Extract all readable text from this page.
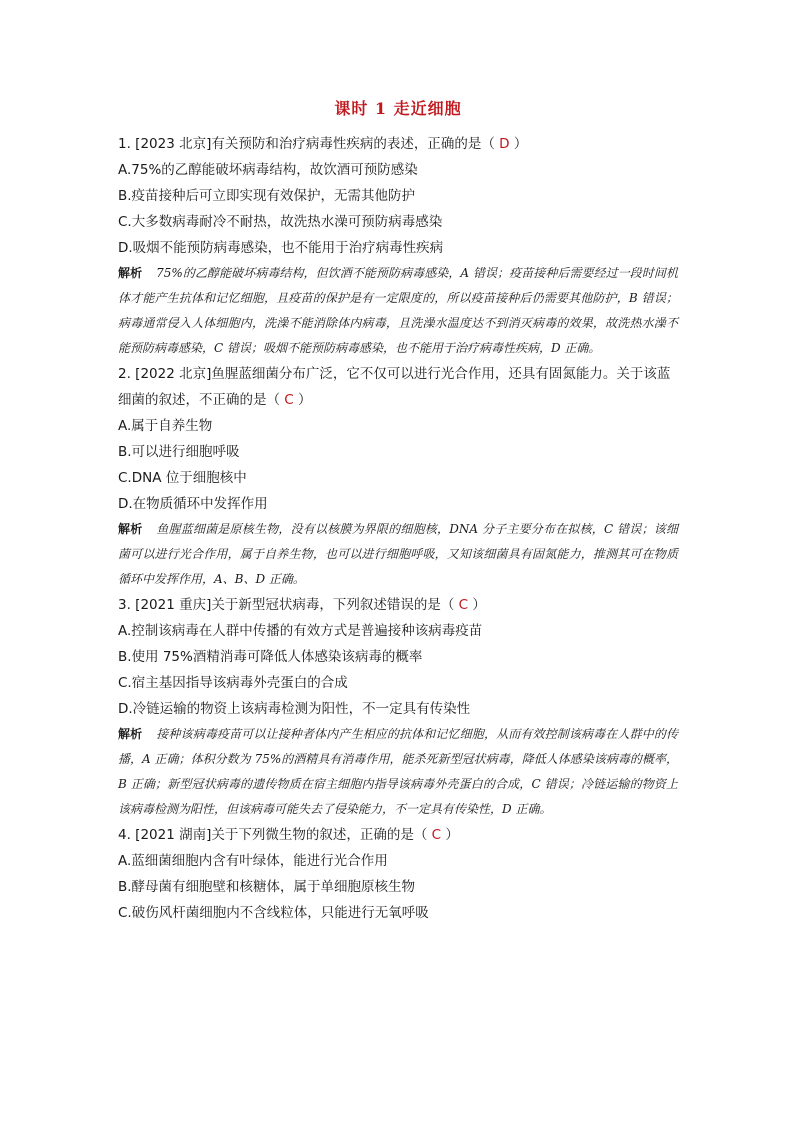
课时 1 走近细胞
1. [2023 北京]有关预防和治疗病毒性疾病的表述，正确的是（ D ）
A.75%的乙醇能破坏病毒结构，故饮酒可预防感染
B.疫苗接种后可立即实现有效保护，无需其他防护
C.大多数病毒耐冷不耐热，故洗热水澡可预防病毒感染
D.吸烟不能预防病毒感染，也不能用于治疗病毒性疾病
解析 75%的乙醇能破坏病毒结构，但饮酒不能预防病毒感染，A 错误；疫苗接种后需要经过一段时间机体才能产生抗体和记忆细胞，且疫苗的保护是有一定限度的，所以疫苗接种后仍需要其他防护，B 错误；病毒通常侵入人体细胞内，洗澡不能消除体内病毒，且洗澡水温度达不到消灭病毒的效果，故洗热水澡不能预防病毒感染，C 错误；吸烟不能预防病毒感染，也不能用于治疗病毒性疾病，D 正确。
2. [2022 北京]鱼腥蓝细菌分布广泛，它不仅可以进行光合作用，还具有固氮能力。关于该蓝细菌的叙述，不正确的是（ C ）
A.属于自养生物
B.可以进行细胞呼吸
C.DNA 位于细胞核中
D.在物质循环中发挥作用
解析 鱼腥蓝细菌是原核生物，没有以核膜为界限的细胞核，DNA 分子主要分布在拟核，C 错误；该细菌可以进行光合作用，属于自养生物，也可以进行细胞呼吸，又知该细菌具有固氮能力，推测其可在物质循环中发挥作用，A、B、D 正确。
3. [2021 重庆]关于新型冠状病毒，下列叙述错误的是（ C ）
A.控制该病毒在人群中传播的有效方式是普遍接种该病毒疫苗
B.使用 75%酒精消毒可降低人体感染该病毒的概率
C.宿主基因指导该病毒外壳蛋白的合成
D.冷链运输的物资上该病毒检测为阳性，不一定具有传染性
解析 接种该病毒疫苗可以让接种者体内产生相应的抗体和记忆细胞，从而有效控制该病毒在人群中的传播，A 正确；体积分数为 75%的酒精具有消毒作用，能杀死新型冠状病毒，降低人体感染该病毒的概率，B 正确；新型冠状病毒的遗传物质在宿主细胞内指导该病毒外壳蛋白的合成，C 错误；冷链运输的物资上该病毒检测为阳性，但该病毒可能失去了侵染能力，不一定具有传染性，D 正确。
4. [2021 湖南]关于下列微生物的叙述，正确的是（ C ）
A.蓝细菌细胞内含有叶绿体，能进行光合作用
B.酵母菌有细胞壁和核糖体，属于单细胞原核生物
C.破伤风杆菌细胞内不含线粒体，只能进行无氧呼吸
